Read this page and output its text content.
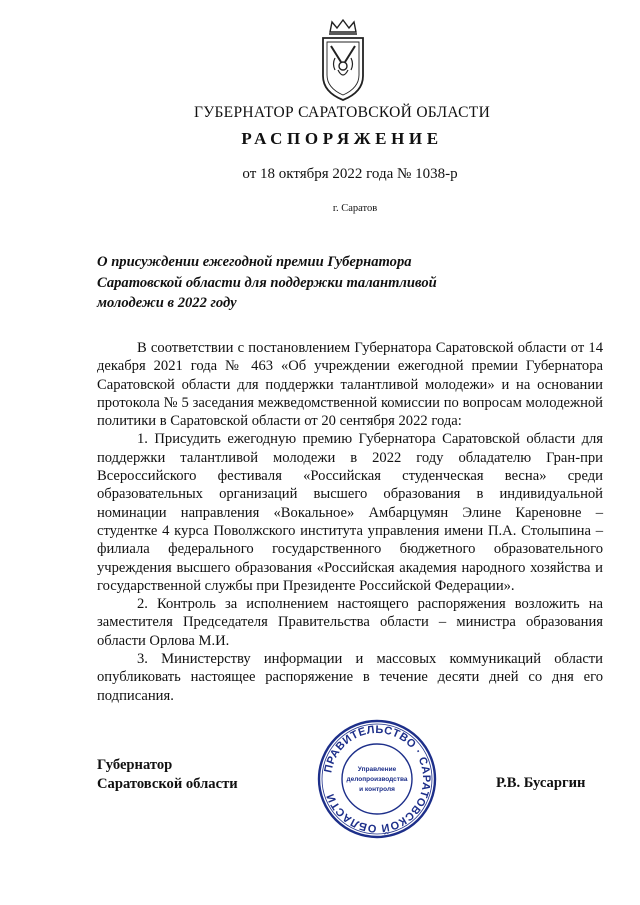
ГУБЕРНАТОР САРАТОВСКОЙ ОБЛАСТИ
РАСПОРЯЖЕНИЕ
от 18 октября 2022 года № 1038-р
г. Саратов
О присуждении ежегодной премии Губернатора Саратовской области для поддержки талантливой молодежи в 2022 году

В соответствии с постановлением Губернатора Саратовской области от 14 декабря 2021 года № 463 «Об учреждении ежегодной премии Губернатора Саратовской области для поддержки талантливой молодежи» и на основании протокола № 5 заседания межведомственной комиссии по вопросам молодежной политики в Саратовской области от 20 сентября 2022 года:

1. Присудить ежегодную премию Губернатора Саратовской области для поддержки талантливой молодежи в 2022 году обладателю Гран-при Всероссийского фестиваля «Российская студенческая весна» среди образовательных организаций высшего образования в индивидуальной номинации направления «Вокальное» Амбарцумян Элине Кареновне – студентке 4 курса Поволжского института управления имени П.А. Столыпина – филиала федерального государственного бюджетного образовательного учреждения высшего образования «Российская академия народного хозяйства и государственной службы при Президенте Российской Федерации».

2. Контроль за исполнением настоящего распоряжения возложить на заместителя Председателя Правительства области – министра образования области Орлова М.И.

3. Министерству информации и массовых коммуникаций области опубликовать настоящее распоряжение в течение десяти дней со дня его подписания.

Губернатор
Саратовской области
ПРАВИТЕЛЬСТВО · САРАТОВСКОЙ ОБЛАСТИ
Управление
делопроизводства
и контроля	Р.В. Бусаргин
